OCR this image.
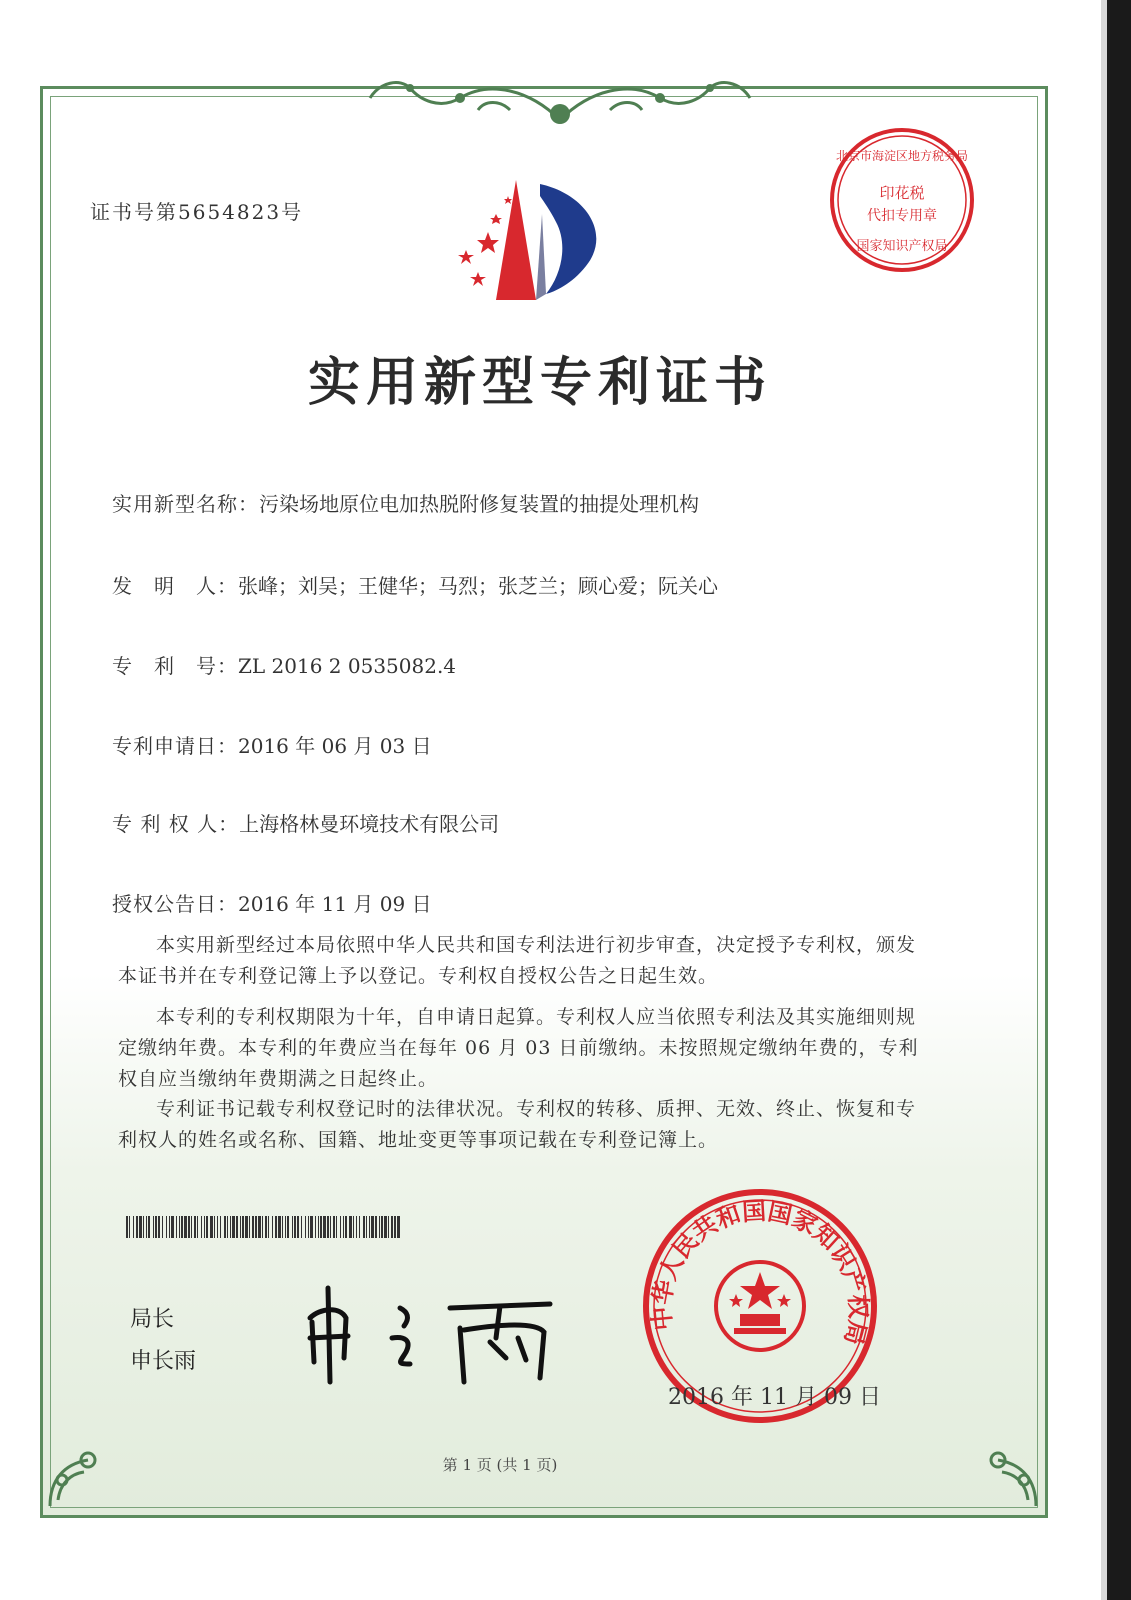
证书号第5654823号
北京市海淀区地方税务局
印花税
代扣专用章
国家知识产权局
实用新型专利证书
实用新型名称：污染场地原位电加热脱附修复装置的抽提处理机构
发　明　人：张峰；刘吴；王健华；马烈；张芝兰；顾心爱；阮关心
专　利　号：ZL 2016 2 0535082.4
专利申请日：2016 年 06 月 03 日
专 利 权 人：上海格林曼环境技术有限公司
授权公告日：2016 年 11 月 09 日
本实用新型经过本局依照中华人民共和国专利法进行初步审查，决定授予专利权，颁发本证书并在专利登记簿上予以登记。专利权自授权公告之日起生效。
本专利的专利权期限为十年，自申请日起算。专利权人应当依照专利法及其实施细则规定缴纳年费。本专利的年费应当在每年 06 月 03 日前缴纳。未按照规定缴纳年费的，专利权自应当缴纳年费期满之日起终止。
专利证书记载专利权登记时的法律状况。专利权的转移、质押、无效、终止、恢复和专利权人的姓名或名称、国籍、地址变更等事项记载在专利登记簿上。
局长
申长雨
中华人民共和国国家知识产权局
2016 年 11 月 09 日
第 1 页 (共 1 页)
